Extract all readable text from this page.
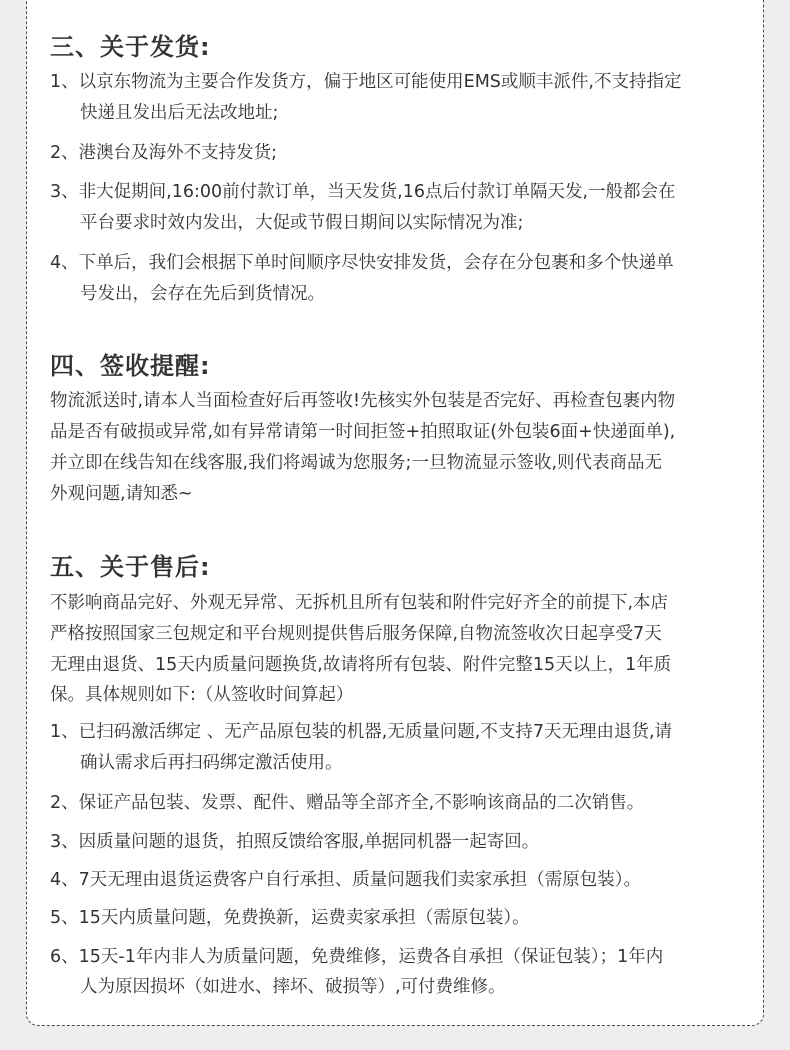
三、关于发货:
1、以京东物流为主要合作发货方，偏于地区可能使用EMS或顺丰派件,不支持指定
快递且发出后无法改地址;
2、港澳台及海外不支持发货;
3、非大促期间,16:00前付款订单，当天发货,16点后付款订单隔天发,一般都会在
平台要求时效内发出，大促或节假日期间以实际情况为准;
4、下单后，我们会根据下单时间顺序尽快安排发货，会存在分包裹和多个快递单
号发出，会存在先后到货情况。
四、签收提醒:
物流派送时,请本人当面检查好后再签收!先核实外包装是否完好、再检查包裹内物
品是否有破损或异常,如有异常请第一时间拒签+拍照取证(外包装6面+快递面单),
并立即在线告知在线客服,我们将竭诚为您服务;一旦物流显示签收,则代表商品无
外观问题,请知悉~
五、关于售后:
不影响商品完好、外观无异常、无拆机且所有包装和附件完好齐全的前提下,本店
严格按照国家三包规定和平台规则提供售后服务保障,自物流签收次日起享受7天
无理由退货、15天内质量问题换货,故请将所有包装、附件完整15天以上，1年质
保。具体规则如下:（从签收时间算起）
1、已扫码激活绑定 、无产品原包装的机器,无质量问题,不支持7天无理由退货,请
确认需求后再扫码绑定激活使用。
2、保证产品包装、发票、配件、赠品等全部齐全,不影响该商品的二次销售。
3、因质量问题的退货，拍照反馈给客服,单据同机器一起寄回。
4、7天无理由退货运费客户自行承担、质量问题我们卖家承担（需原包装）。
5、15天内质量问题，免费换新，运费卖家承担（需原包装）。
6、15天-1年内非人为质量问题，免费维修，运费各自承担（保证包装）；1年内
人为原因损坏（如进水、摔坏、破损等）,可付费维修。
